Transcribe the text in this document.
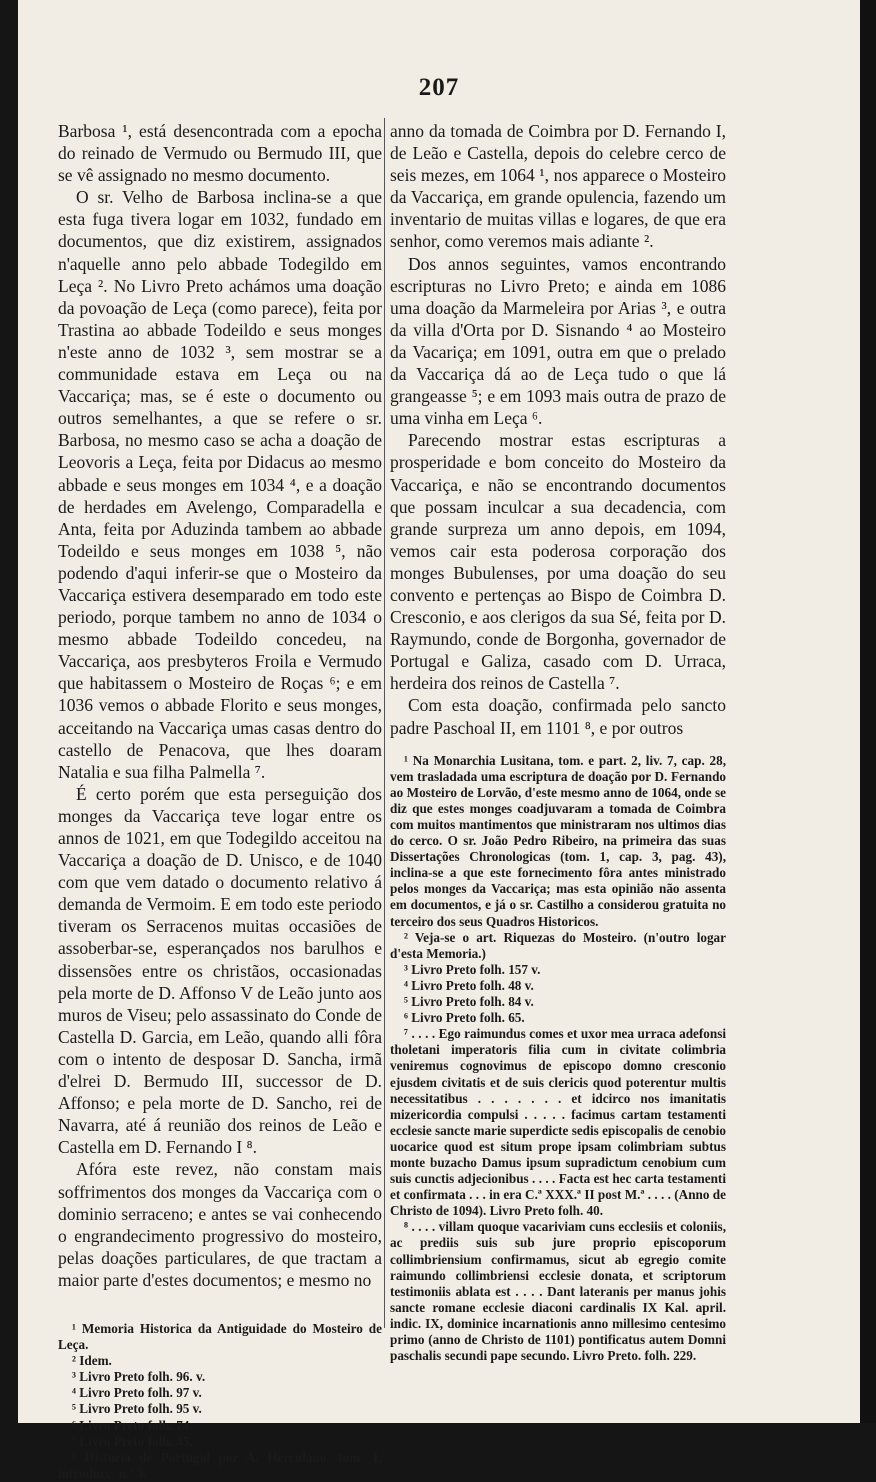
207

Barbosa ¹, está desencontrada com a epocha do reinado de Vermudo ou Bermudo III, que se vê assignado no mesmo documento.

O sr. Velho de Barbosa inclina-se a que esta fuga tivera logar em 1032, fundado em documentos, que diz existirem, assignados n'aquelle anno pelo abbade Todegildo em Leça ². No Livro Preto achámos uma doação da povoação de Leça (como parece), feita por Trastina ao abbade Todeildo e seus monges n'este anno de 1032 ³, sem mostrar se a communidade estava em Leça ou na Vaccariça; mas, se é este o documento ou outros semelhantes, a que se refere o sr. Barbosa, no mesmo caso se acha a doação de Leovoris a Leça, feita por Didacus ao mesmo abbade e seus monges em 1034 ⁴, e a doação de herdades em Avelengo, Comparadella e Anta, feita por Aduzinda tambem ao abbade Todeildo e seus monges em 1038 ⁵, não podendo d'aqui inferir-se que o Mosteiro da Vaccariça estivera desemparado em todo este periodo, porque tambem no anno de 1034 o mesmo abbade Todeildo concedeu, na Vaccariça, aos presbyteros Froila e Vermudo que habitassem o Mosteiro de Roças ⁶; e em 1036 vemos o abbade Florito e seus monges, acceitando na Vaccariça umas casas dentro do castello de Penacova, que lhes doaram Natalia e sua filha Palmella ⁷.

É certo porém que esta perseguição dos monges da Vaccariça teve logar entre os annos de 1021, em que Todegildo acceitou na Vaccariça a doação de D. Unisco, e de 1040 com que vem datado o documento relativo á demanda de Vermoim. E em todo este periodo tiveram os Serracenos muitas occasiões de assoberbar-se, esperançados nos barulhos e dissensões entre os christãos, occasionadas pela morte de D. Affonso V de Leão junto aos muros de Viseu; pelo assassinato do Conde de Castella D. Garcia, em Leão, quando alli fôra com o intento de desposar D. Sancha, irmã d'elrei D. Bermudo III, successor de D. Affonso; e pela morte de D. Sancho, rei de Navarra, até á reunião dos reinos de Leão e Castella em D. Fernando I ⁸.

Afóra este revez, não constam mais soffrimentos dos monges da Vaccariça com o dominio serraceno; e antes se vai conhecendo o engrandecimento progressivo do mosteiro, pelas doações particulares, de que tractam a maior parte d'estes documentos; e mesmo no

¹ Memoria Historica da Antiguidade do Mosteiro de Leça.
² Idem.
³ Livro Preto folh. 96. v.
⁴ Livro Preto folh. 97 v.
⁵ Livro Preto folh. 95 v.
⁶ Livro Preto folh. 74.
⁷ Livro Preto folh. 45.
⁸ Historia de Portugal por A. Herculano. tom. 1, introducç. n.º 3.

anno da tomada de Coimbra por D. Fernando I, de Leão e Castella, depois do celebre cerco de seis mezes, em 1064 ¹, nos apparece o Mosteiro da Vaccariça, em grande opulencia, fazendo um inventario de muitas villas e logares, de que era senhor, como veremos mais adiante ².

Dos annos seguintes, vamos encontrando escripturas no Livro Preto; e ainda em 1086 uma doação da Marmeleira por Arias ³, e outra da villa d'Orta por D. Sisnando ⁴ ao Mosteiro da Vacariça; em 1091, outra em que o prelado da Vaccariça dá ao de Leça tudo o que lá grangeasse ⁵; e em 1093 mais outra de prazo de uma vinha em Leça ⁶.

Parecendo mostrar estas escripturas a prosperidade e bom conceito do Mosteiro da Vaccariça, e não se encontrando documentos que possam inculcar a sua decadencia, com grande surpreza um anno depois, em 1094, vemos cair esta poderosa corporação dos monges Bubulenses, por uma doação do seu convento e pertenças ao Bispo de Coimbra D. Cresconio, e aos clerigos da sua Sé, feita por D. Raymundo, conde de Borgonha, governador de Portugal e Galiza, casado com D. Urraca, herdeira dos reinos de Castella ⁷.

Com esta doação, confirmada pelo sancto padre Paschoal II, em 1101 ⁸, e por outros

¹ Na Monarchia Lusitana, tom. e part. 2, liv. 7, cap. 28, vem trasladada uma escriptura de doação por D. Fernando ao Mosteiro de Lorvão, d'este mesmo anno de 1064, onde se diz que estes monges coadjuvaram a tomada de Coimbra com muitos mantimentos que ministraram nos ultimos dias do cerco. O sr. João Pedro Ribeiro, na primeira das suas Dissertações Chronologicas (tom. 1, cap. 3, pag. 43), inclina-se a que este fornecimento fôra antes ministrado pelos monges da Vaccariça; mas esta opinião não assenta em documentos, e já o sr. Castilho a considerou gratuita no terceiro dos seus Quadros Historicos.
² Veja-se o art. Riquezas do Mosteiro. (n'outro logar d'esta Memoria.)
³ Livro Preto folh. 157 v.
⁴ Livro Preto folh. 48 v.
⁵ Livro Preto folh. 84 v.
⁶ Livro Preto folh. 65.
⁷ . . . . Ego raimundus comes et uxor mea urraca adefonsi tholetani imperatoris filia cum in civitate colimbria veniremus cognovimus de episcopo domno cresconio ejusdem civitatis et de suis clericis quod poterentur multis necessitatibus . . . . . . . et idcirco nos imanitatis mizericordia compulsi . . . . . facimus cartam testamenti ecclesie sancte marie superdicte sedis episcopalis de cenobio uocarice quod est situm prope ipsam colimbriam subtus monte buzacho Damus ipsum supradictum cenobium cum suis cunctis adjecionibus . . . . Facta est hec carta testamenti et confirmata . . . in era C.ª XXX.ª II post M.ª . . . . (Anno de Christo de 1094). Livro Preto folh. 40.
⁸ . . . . villam quoque vacariviam cuns ecclesiis et coloniis, ac prediis suis sub jure proprio episcoporum collimbriensium confirmamus, sicut ab egregio comite raimundo collimbriensi ecclesie donata, et scriptorum testimoniis ablata est . . . . Dant lateranis per manus johis sancte romane ecclesie diaconi cardinalis IX Kal. april. indic. IX, dominice incarnationis anno millesimo centesimo primo (anno de Christo de 1101) pontificatus autem Domni paschalis secundi pape secundo. Livro Preto. folh. 229.
